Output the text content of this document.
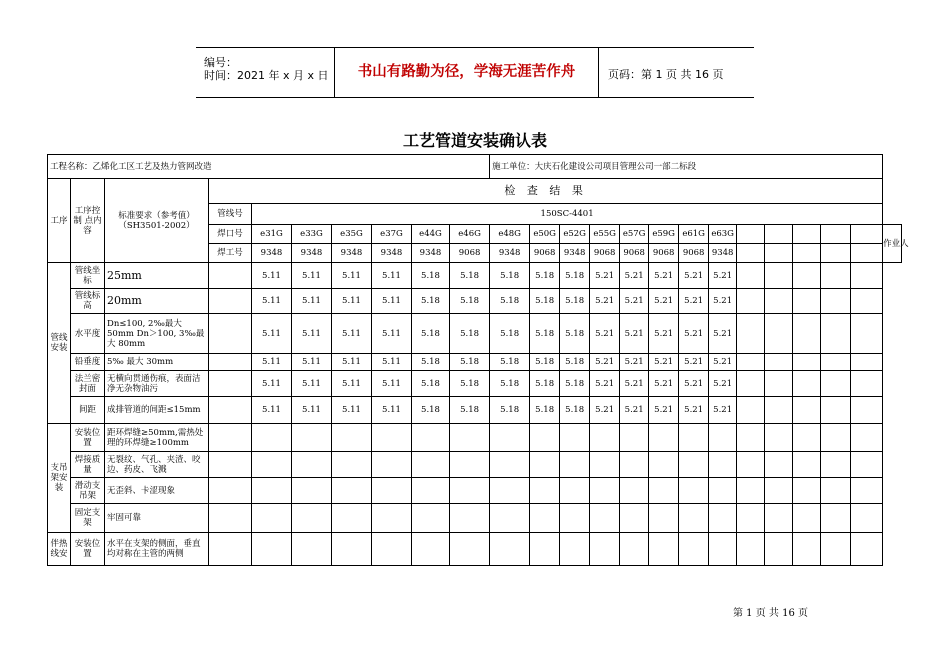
编号：
时间：2021 年 x 月 x 日	书山有路勤为径，学海无涯苦作舟	页码：第 1 页 共 16 页
工艺管道安装确认表
工程名称：乙烯化工区工艺及热力管网改造										施工单位：大庆石化建设公司项目管理公司一部二标段													
工序	工序控制 点内 容	标准要求（参考值）（SH3501-2002）	检 查 结 果																				
			管线号	150SC-4401																			
			焊口号	e31G	e33G	e35G	e37G	e44G	e46G	e48G	e50G	e52G	e55G	e57G	e59G	e61G	e63G						作业人
			焊工号	9348	9348	9348	9348	9348	9068	9348	9068	9348	9068	9068	9068	9068	9348						
管线安装	管线坐标	25mm		5.11	5.11	5.11	5.11	5.18	5.18	5.18	5.18	5.18	5.21	5.21	5.21	5.21	5.21						
	管线标高	20mm		5.11	5.11	5.11	5.11	5.18	5.18	5.18	5.18	5.18	5.21	5.21	5.21	5.21	5.21						
	水平度	Dn≤100, 2‰最大 50mm Dn＞100, 3‰最大 80mm		5.11	5.11	5.11	5.11	5.18	5.18	5.18	5.18	5.18	5.21	5.21	5.21	5.21	5.21						
	铅垂度	5‰ 最大 30mm		5.11	5.11	5.11	5.11	5.18	5.18	5.18	5.18	5.18	5.21	5.21	5.21	5.21	5.21						
	法兰密封面	无横向贯通伤痕，表面洁净无杂物油污		5.11	5.11	5.11	5.11	5.18	5.18	5.18	5.18	5.18	5.21	5.21	5.21	5.21	5.21						
	间距	成排管道的间距≤15mm		5.11	5.11	5.11	5.11	5.18	5.18	5.18	5.18	5.18	5.21	5.21	5.21	5.21	5.21						
支吊架安装	安装位置	距环焊缝≥50mm,需热处理的环焊缝≥100mm																					
	焊接质量	无裂纹、气孔、夹渣、咬边、药皮、飞溅																					
	滑动支吊架	无歪斜、卡涩现象																					
	固定支架	牢固可靠																					
伴热线安	安装位置	水平在支架的侧面，垂直均对称在主管的两侧																					
第 1 页 共 16 页
